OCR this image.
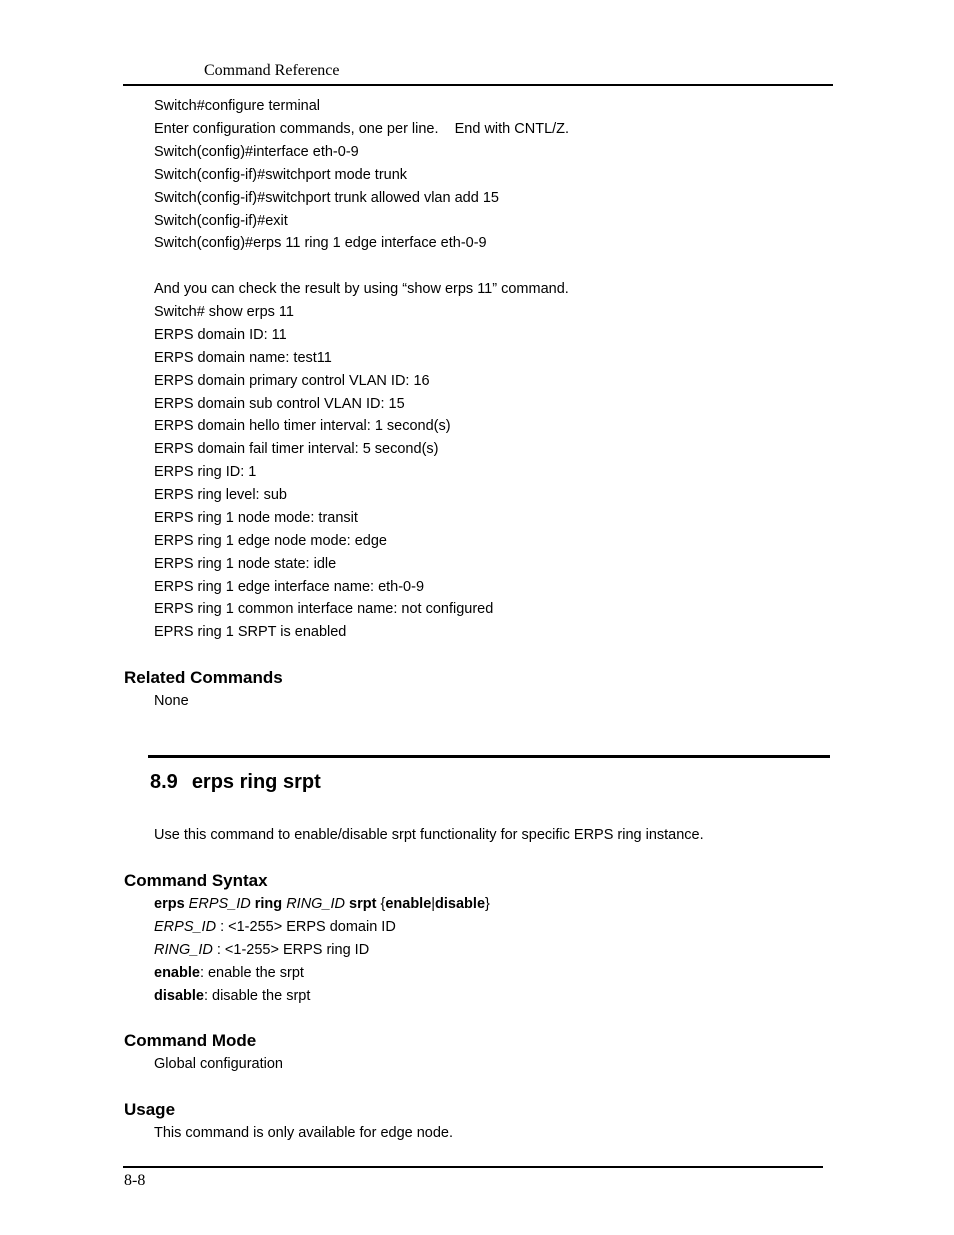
Command Reference
Switch#configure terminal
Enter configuration commands, one per line.    End with CNTL/Z.
Switch(config)#interface eth-0-9
Switch(config-if)#switchport mode trunk
Switch(config-if)#switchport trunk allowed vlan add 15
Switch(config-if)#exit
Switch(config)#erps 11 ring 1 edge interface eth-0-9
And you can check the result by using “show erps 11” command.
Switch# show erps 11
ERPS domain ID: 11
ERPS domain name: test11
ERPS domain primary control VLAN ID: 16
ERPS domain sub control VLAN ID: 15
ERPS domain hello timer interval: 1 second(s)
ERPS domain fail timer interval: 5 second(s)
ERPS ring ID: 1
ERPS ring level: sub
ERPS ring 1 node mode: transit
ERPS ring 1 edge node mode: edge
ERPS ring 1 node state: idle
ERPS ring 1 edge interface name: eth-0-9
ERPS ring 1 common interface name: not configured
EPRS ring 1 SRPT is enabled
Related Commands
None
8.9 erps ring srpt
Use this command to enable/disable srpt functionality for specific ERPS ring instance.
Command Syntax
erps ERPS_ID ring RING_ID srpt {enable|disable}
ERPS_ID : <1-255> ERPS domain ID
RING_ID : <1-255> ERPS ring ID
enable: enable the srpt
disable: disable the srpt
Command Mode
Global configuration
Usage
This command is only available for edge node.
8-8
